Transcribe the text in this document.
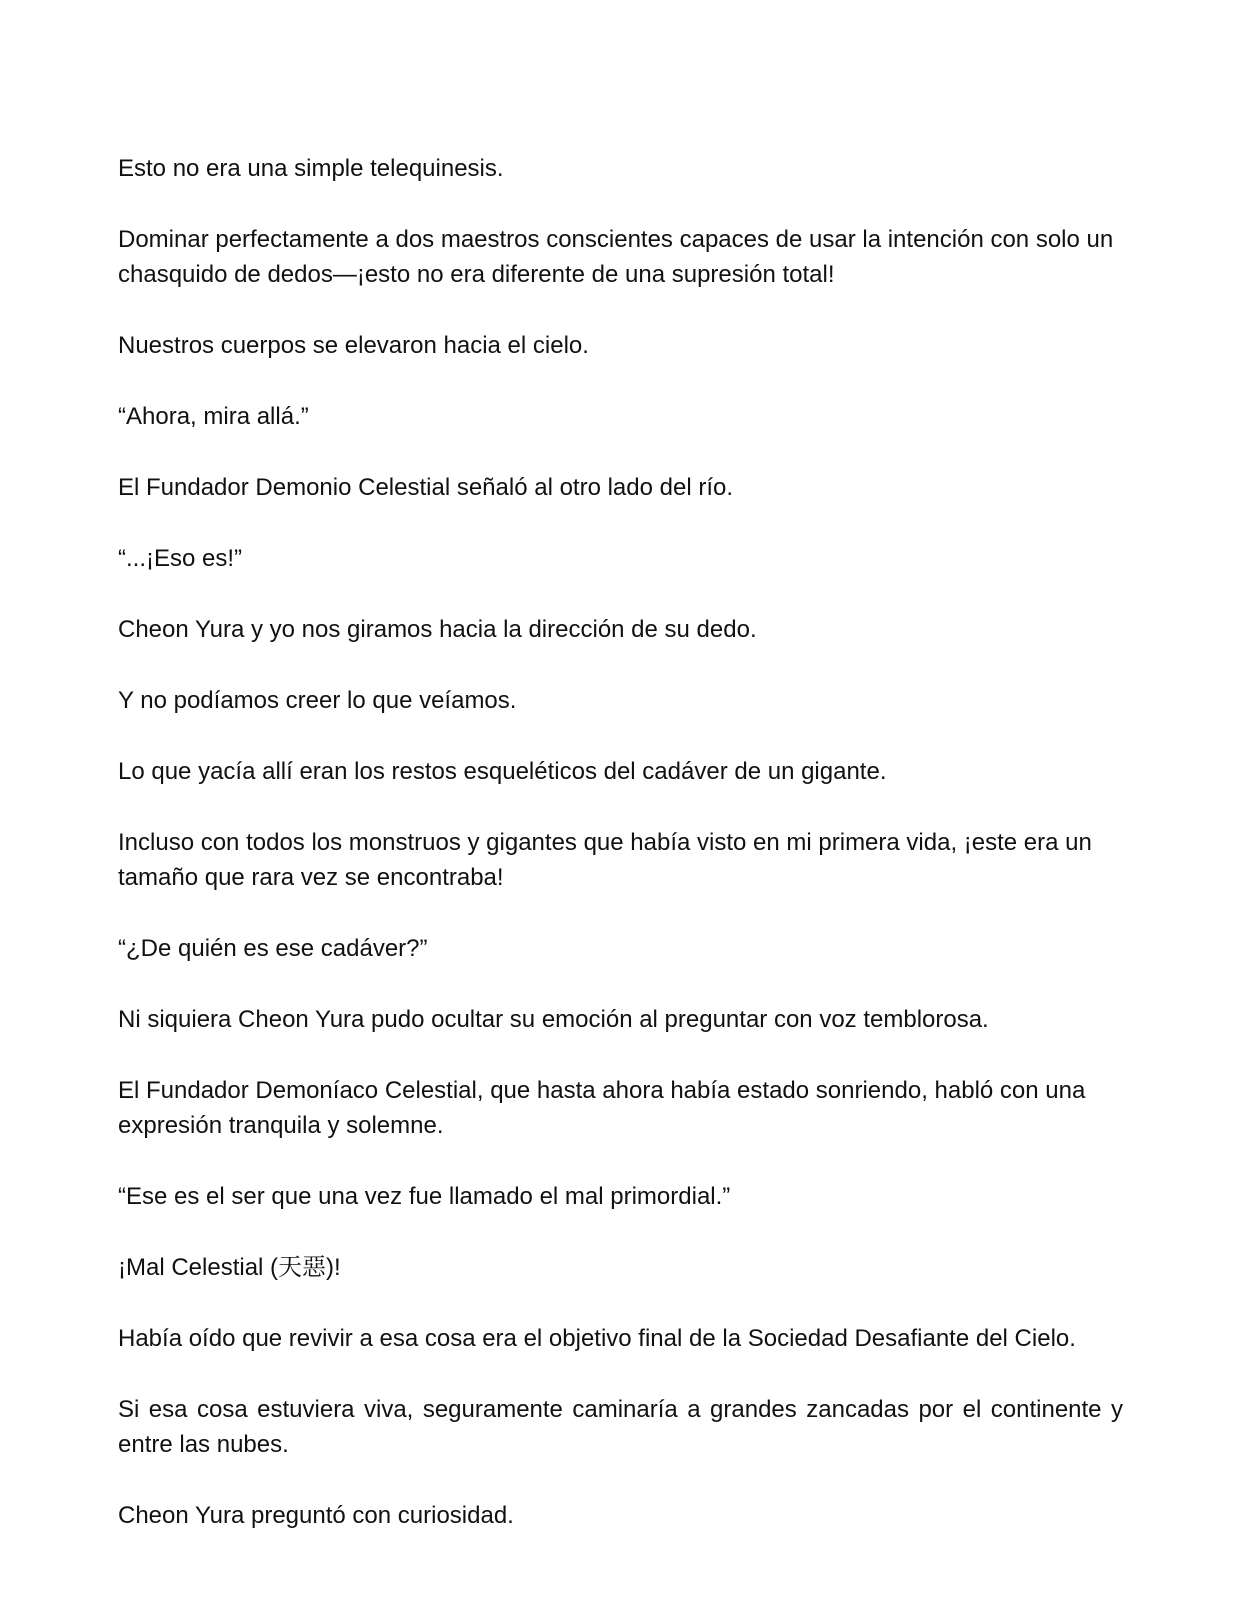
Esto no era una simple telequinesis.

Dominar perfectamente a dos maestros conscientes capaces de usar la intención con solo un chasquido de dedos—¡esto no era diferente de una supresión total!

Nuestros cuerpos se elevaron hacia el cielo.

“Ahora, mira allá.”

El Fundador Demonio Celestial señaló al otro lado del río.

“...¡Eso es!”

Cheon Yura y yo nos giramos hacia la dirección de su dedo.

Y no podíamos creer lo que veíamos.

Lo que yacía allí eran los restos esqueléticos del cadáver de un gigante.

Incluso con todos los monstruos y gigantes que había visto en mi primera vida, ¡este era un tamaño que rara vez se encontraba!

“¿De quién es ese cadáver?”

Ni siquiera Cheon Yura pudo ocultar su emoción al preguntar con voz temblorosa.

El Fundador Demoníaco Celestial, que hasta ahora había estado sonriendo, habló con una expresión tranquila y solemne.

“Ese es el ser que una vez fue llamado el mal primordial.”

¡Mal Celestial (天惡)!

Había oído que revivir a esa cosa era el objetivo final de la Sociedad Desafiante del Cielo.

Si esa cosa estuviera viva, seguramente caminaría a grandes zancadas por el continente y entre las nubes.

Cheon Yura preguntó con curiosidad.
